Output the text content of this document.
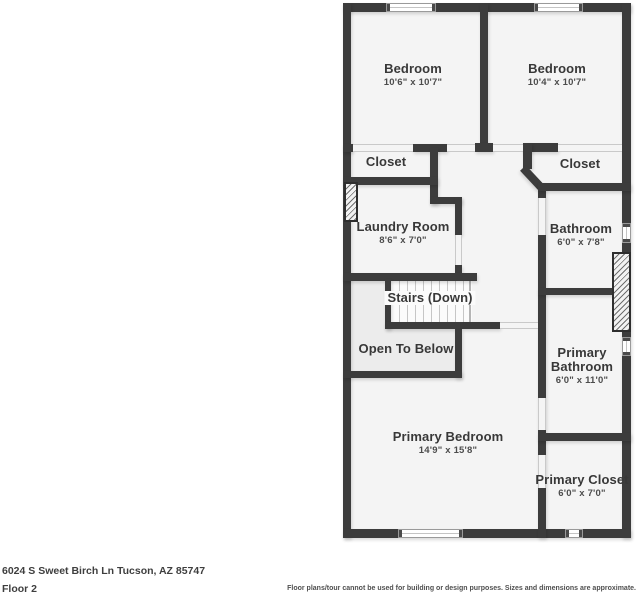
Bedroom
10'6" x 10'7"
Bedroom
10'4" x 10'7"
Closet	Closet
Laundry Room
8'6" x 7'0"
Bathroom
6'0" x 7'8"
Stairs (Down)
Open To Below	Primary
Bathroom
6'0" x 11'0"
Primary Bedroom
14'9" x 15'8"
Primary Closet
6'0" x 7'0"
6024 S Sweet Birch Ln Tucson, AZ 85747
Floor 2	Floor plans/tour cannot be used for building or design purposes. Sizes and dimensions are approximate.
